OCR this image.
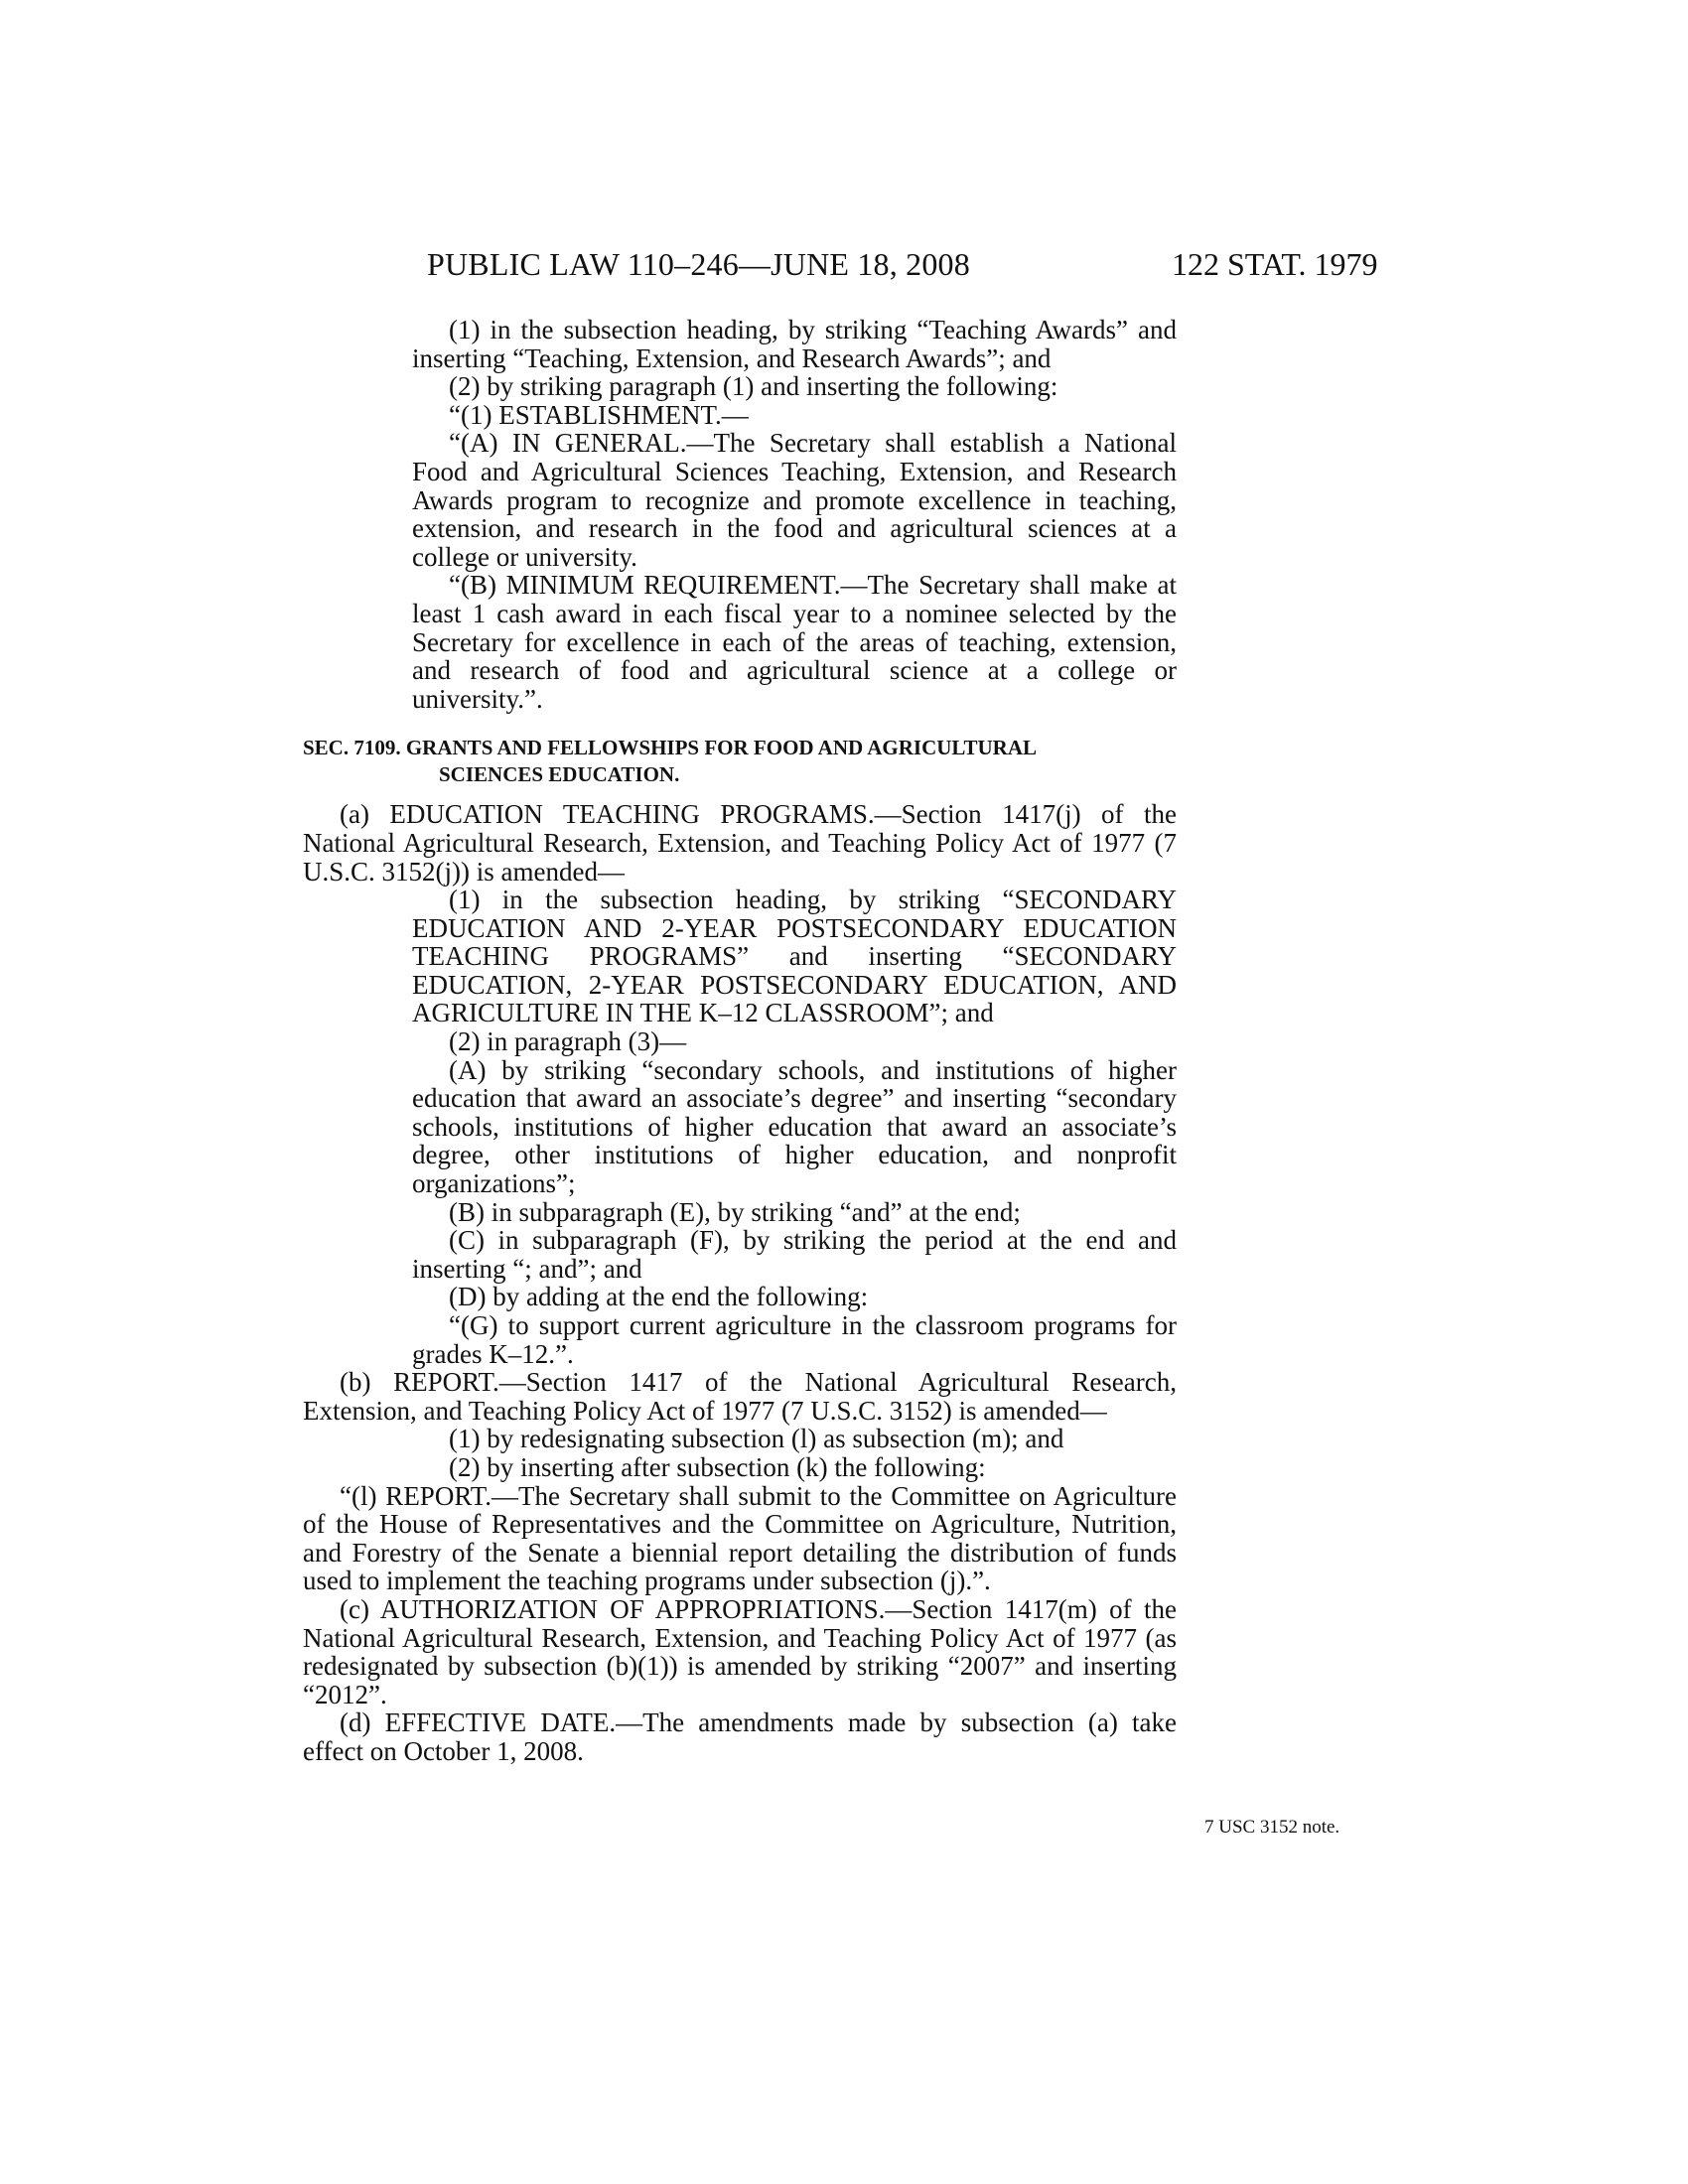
PUBLIC LAW 110–246—JUNE 18, 2008	122 STAT. 1979

(1) in the subsection heading, by striking “Teaching Awards” and inserting “Teaching, Extension, and Research Awards”; and

(2) by striking paragraph (1) and inserting the following:

“(1) ESTABLISHMENT.—

“(A) IN GENERAL.—The Secretary shall establish a National Food and Agricultural Sciences Teaching, Extension, and Research Awards program to recognize and promote excellence in teaching, extension, and research in the food and agricultural sciences at a college or university.

“(B) MINIMUM REQUIREMENT.—The Secretary shall make at least 1 cash award in each fiscal year to a nominee selected by the Secretary for excellence in each of the areas of teaching, extension, and research of food and agricultural science at a college or university.”.

SEC. 7109. GRANTS AND FELLOWSHIPS FOR FOOD AND AGRICULTURAL
SCIENCES EDUCATION.

(a) EDUCATION TEACHING PROGRAMS.—Section 1417(j) of the National Agricultural Research, Extension, and Teaching Policy Act of 1977 (7 U.S.C. 3152(j)) is amended—

(1) in the subsection heading, by striking “SECONDARY EDUCATION AND 2-YEAR POSTSECONDARY EDUCATION TEACHING PROGRAMS” and inserting “SECONDARY EDUCATION, 2-YEAR POSTSECONDARY EDUCATION, AND AGRICULTURE IN THE K–12 CLASSROOM”; and

(2) in paragraph (3)—

(A) by striking “secondary schools, and institutions of higher education that award an associate’s degree” and inserting “secondary schools, institutions of higher education that award an associate’s degree, other institutions of higher education, and nonprofit organizations”;

(B) in subparagraph (E), by striking “and” at the end;

(C) in subparagraph (F), by striking the period at the end and inserting “; and”; and

(D) by adding at the end the following:

“(G) to support current agriculture in the classroom programs for grades K–12.”.

(b) REPORT.—Section 1417 of the National Agricultural Research, Extension, and Teaching Policy Act of 1977 (7 U.S.C. 3152) is amended—

(1) by redesignating subsection (l) as subsection (m); and

(2) by inserting after subsection (k) the following:

“(l) REPORT.—The Secretary shall submit to the Committee on Agriculture of the House of Representatives and the Committee on Agriculture, Nutrition, and Forestry of the Senate a biennial report detailing the distribution of funds used to implement the teaching programs under subsection (j).”.

(c) AUTHORIZATION OF APPROPRIATIONS.—Section 1417(m) of the National Agricultural Research, Extension, and Teaching Policy Act of 1977 (as redesignated by subsection (b)(1)) is amended by striking “2007” and inserting “2012”.

(d) EFFECTIVE DATE.—The amendments made by subsection (a) take effect on October 1, 2008.

7 USC 3152 note.
